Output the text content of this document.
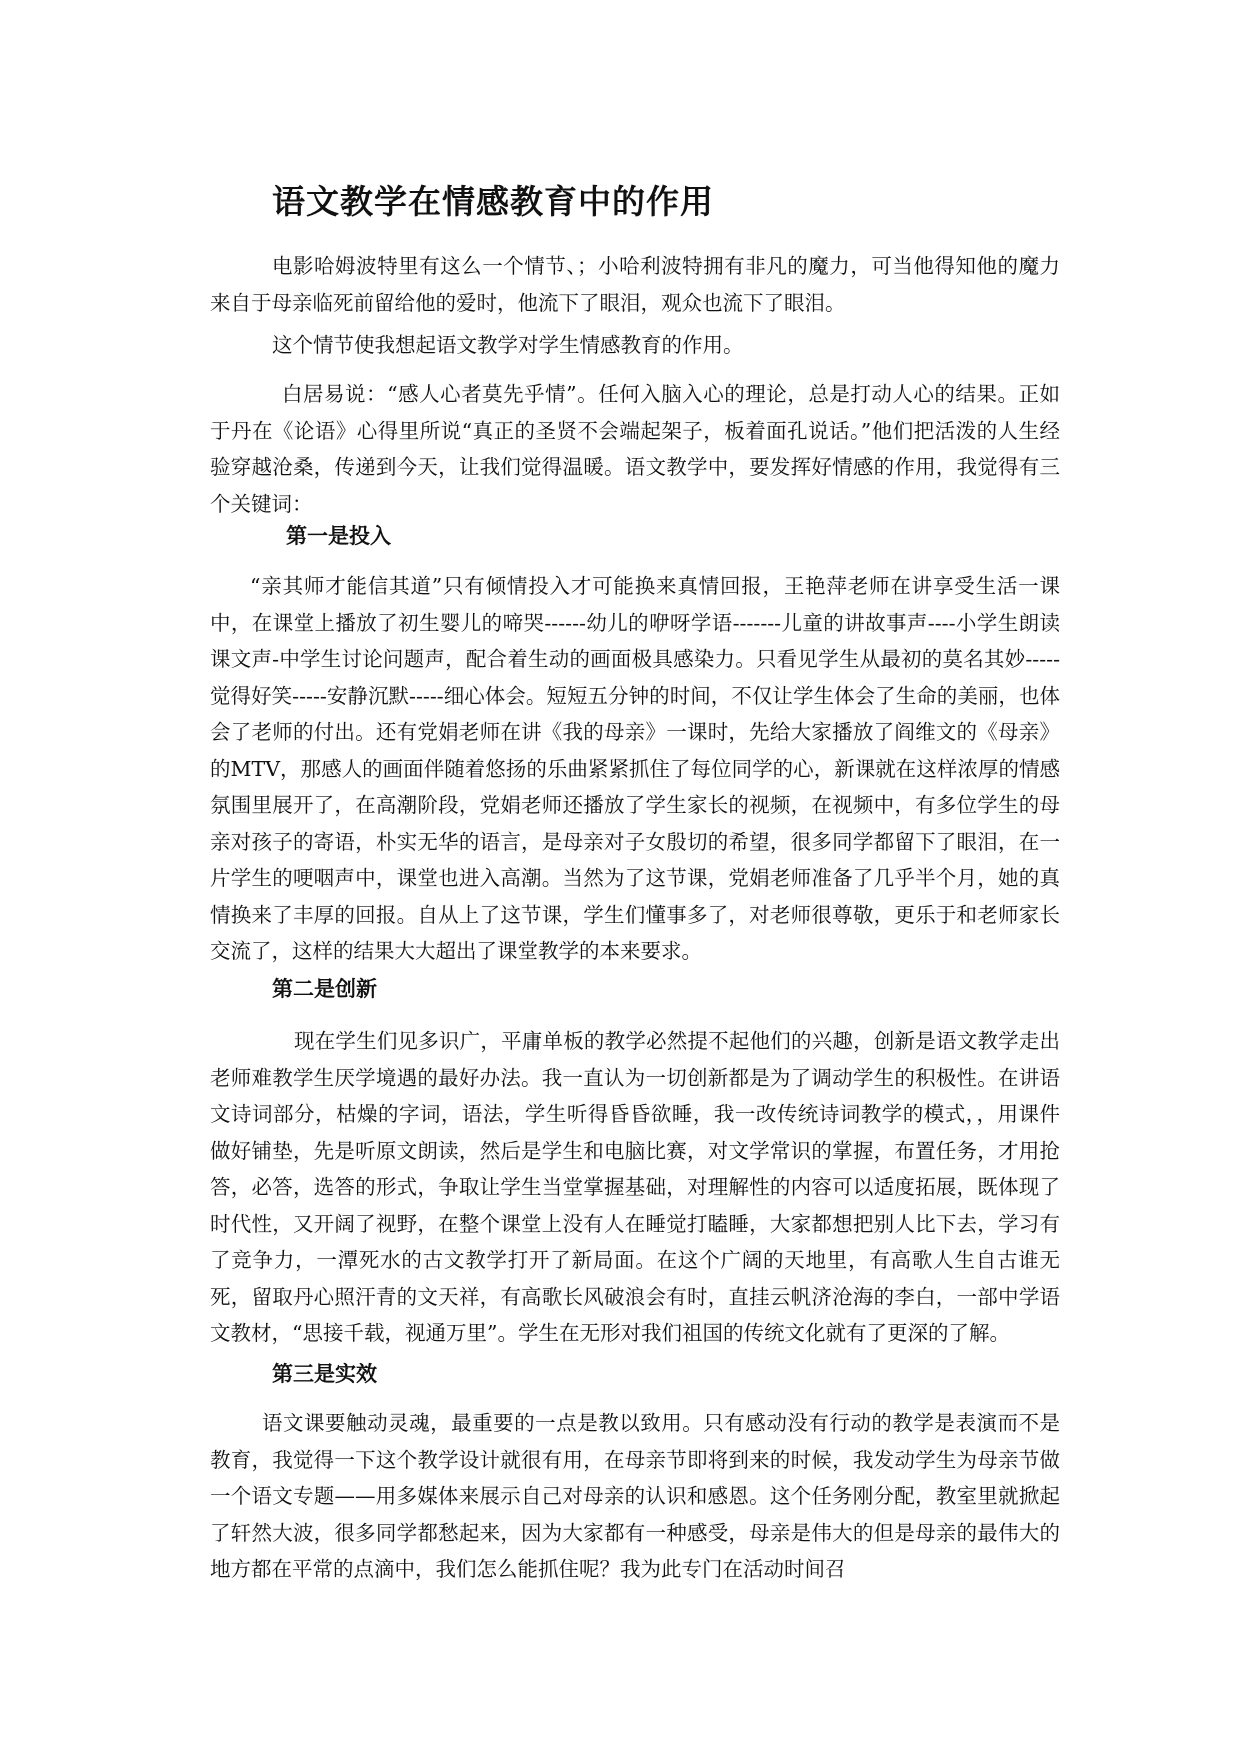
语文教学在情感教育中的作用

电影哈姆波特里有这么一个情节、；小哈利波特拥有非凡的魔力，可当他得知他的魔力来自于母亲临死前留给他的爱时，他流下了眼泪，观众也流下了眼泪。

这个情节使我想起语文教学对学生情感教育的作用。

白居易说：“感人心者莫先乎情”。任何入脑入心的理论，总是打动人心的结果。正如于丹在《论语》心得里所说“真正的圣贤不会端起架子，板着面孔说话。”他们把活泼的人生经验穿越沧桑，传递到今天，让我们觉得温暖。语文教学中，要发挥好情感的作用，我觉得有三个关键词：

第一是投入

“亲其师才能信其道”只有倾情投入才可能换来真情回报，王艳萍老师在讲享受生活一课中，在课堂上播放了初生婴儿的啼哭------幼儿的咿呀学语-------儿童的讲故事声----小学生朗读课文声-中学生讨论问题声，配合着生动的画面极具感染力。只看见学生从最初的莫名其妙-----觉得好笑-----安静沉默-----细心体会。短短五分钟的时间，不仅让学生体会了生命的美丽，也体会了老师的付出。还有党娟老师在讲《我的母亲》一课时，先给大家播放了阎维文的《母亲》的MTV，那感人的画面伴随着悠扬的乐曲紧紧抓住了每位同学的心，新课就在这样浓厚的情感氛围里展开了，在高潮阶段，党娟老师还播放了学生家长的视频，在视频中，有多位学生的母亲对孩子的寄语，朴实无华的语言，是母亲对子女殷切的希望，很多同学都留下了眼泪，在一片学生的哽咽声中，课堂也进入高潮。当然为了这节课，党娟老师准备了几乎半个月，她的真情换来了丰厚的回报。自从上了这节课，学生们懂事多了，对老师很尊敬，更乐于和老师家长交流了，这样的结果大大超出了课堂教学的本来要求。

第二是创新

现在学生们见多识广，平庸单板的教学必然提不起他们的兴趣，创新是语文教学走出老师难教学生厌学境遇的最好办法。我一直认为一切创新都是为了调动学生的积极性。在讲语文诗词部分，枯燥的字词，语法，学生听得昏昏欲睡，我一改传统诗词教学的模式，，用课件做好铺垫，先是听原文朗读，然后是学生和电脑比赛，对文学常识的掌握，布置任务，才用抢答，必答，选答的形式，争取让学生当堂掌握基础，对理解性的内容可以适度拓展，既体现了时代性，又开阔了视野，在整个课堂上没有人在睡觉打瞌睡，大家都想把别人比下去，学习有了竞争力，一潭死水的古文教学打开了新局面。在这个广阔的天地里，有高歌人生自古谁无死，留取丹心照汗青的文天祥，有高歌长风破浪会有时，直挂云帆济沧海的李白，一部中学语文教材，“思接千载，视通万里”。学生在无形对我们祖国的传统文化就有了更深的了解。

第三是实效

语文课要触动灵魂，最重要的一点是教以致用。只有感动没有行动的教学是表演而不是教育，我觉得一下这个教学设计就很有用，在母亲节即将到来的时候，我发动学生为母亲节做一个语文专题——用多媒体来展示自己对母亲的认识和感恩。这个任务刚分配，教室里就掀起了轩然大波，很多同学都愁起来，因为大家都有一种感受，母亲是伟大的但是母亲的最伟大的地方都在平常的点滴中，我们怎么能抓住呢？我为此专门在活动时间召
